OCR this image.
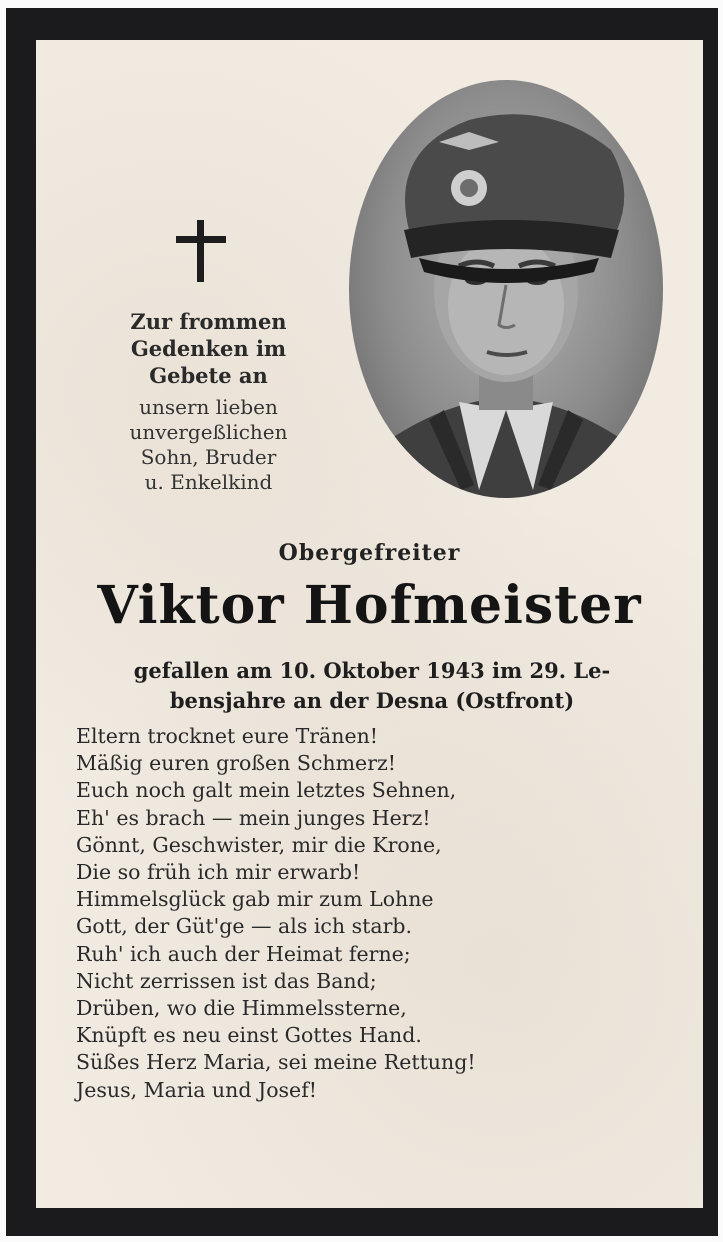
Zur frommen
Gedenken im
Gebete an

unsern lieben
unvergeßlichen
Sohn, Bruder
u. Enkelkind

Obergefreiter
Viktor Hofmeister

gefallen am 10. Oktober 1943 im 29. Le-
bensjahre an der Desna (Ostfront)

Eltern trocknet eure Tränen!
Mäßig euren großen Schmerz!
Euch noch galt mein letztes Sehnen,
Eh' es brach — mein junges Herz!
Gönnt, Geschwister, mir die Krone,
Die so früh ich mir erwarb!
Himmelsglück gab mir zum Lohne
Gott, der Güt'ge — als ich starb.
Ruh' ich auch der Heimat ferne;
Nicht zerrissen ist das Band;
Drüben, wo die Himmelssterne,
Knüpft es neu einst Gottes Hand.
Süßes Herz Maria, sei meine Rettung!
Jesus, Maria und Josef!
